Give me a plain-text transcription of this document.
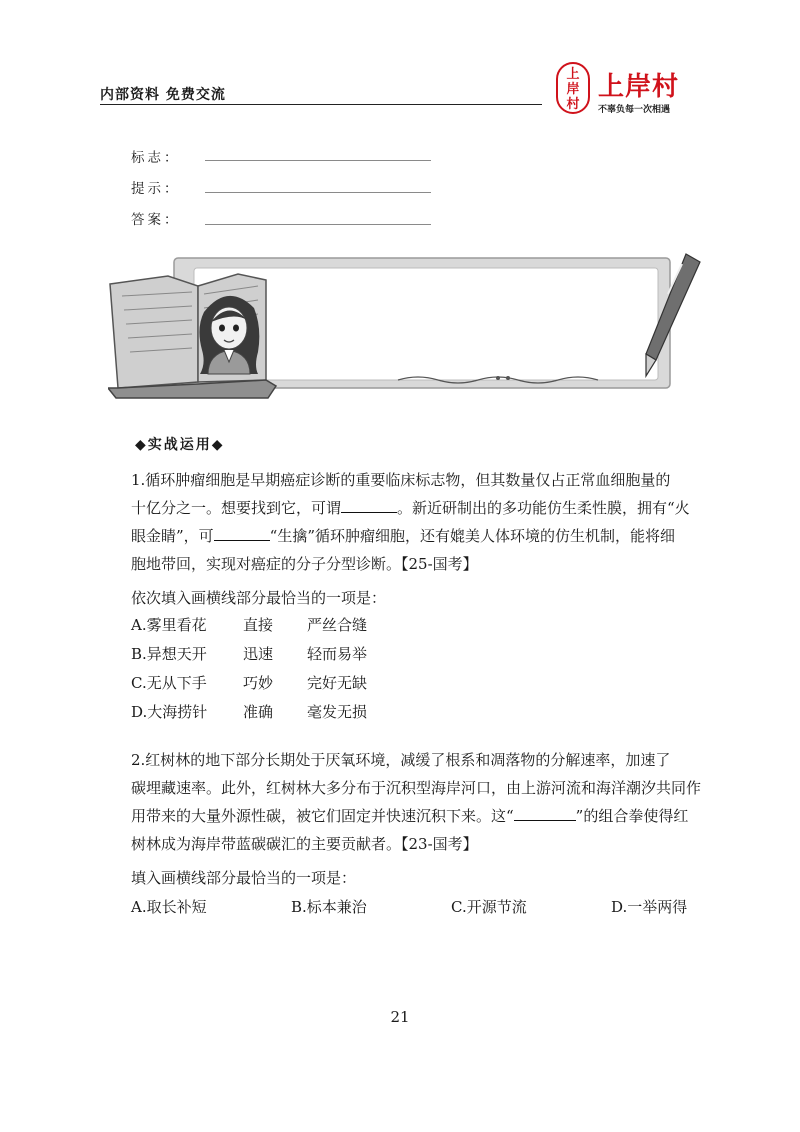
内部资料 免费交流
上
岸
村
上岸村
不辜负每一次相遇
标志：
提示：
答案：
◆实战运用◆
1.循环肿瘤细胞是早期癌症诊断的重要临床标志物，但其数量仅占正常血细胞量的
十亿分之一。想要找到它，可谓	。新近研制出的多功能仿生柔性膜，拥有“火
眼金睛”，可	“生擒”循环肿瘤细胞，还有媲美人体环境的仿生机制，能将细
胞地带回，实现对癌症的分子分型诊断。【25-国考】
依次填入画横线部分最恰当的一项是：
A.雾里看花 直接 严丝合缝
B.异想天开 迅速 轻而易举
C.无从下手 巧妙 完好无缺
D.大海捞针 准确 毫发无损
2.红树林的地下部分长期处于厌氧环境，减缓了根系和凋落物的分解速率，加速了
碳埋藏速率。此外，红树林大多分布于沉积型海岸河口，由上游河流和海洋潮汐共同作
用带来的大量外源性碳，被它们固定并快速沉积下来。这“	”的组合拳使得红
树林成为海岸带蓝碳碳汇的主要贡献者。【23-国考】
填入画横线部分最恰当的一项是：
A.取长补短	B.标本兼治	C.开源节流	D.一举两得
21
